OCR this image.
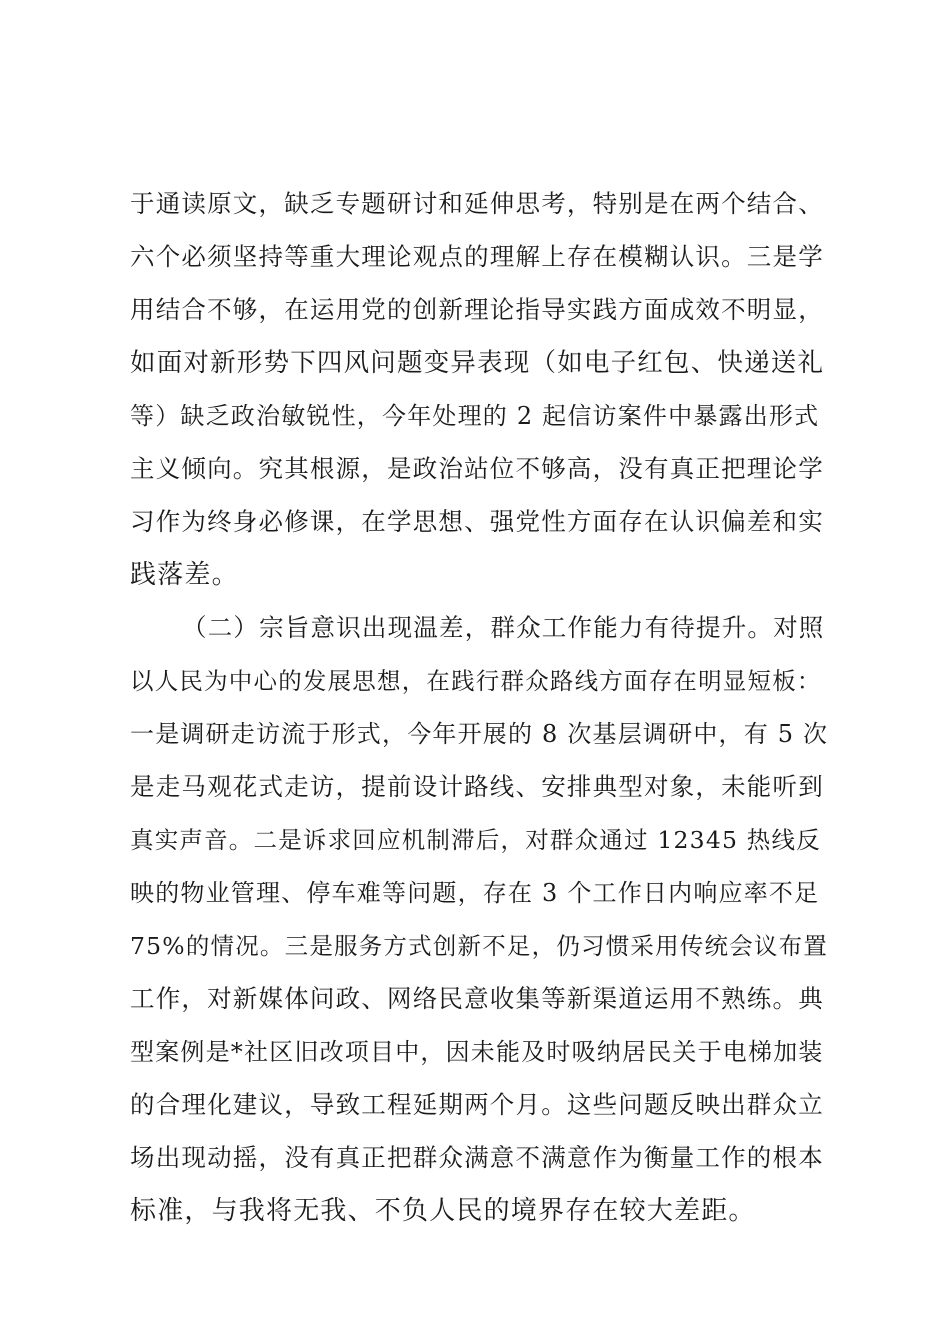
于通读原文，缺乏专题研讨和延伸思考，特别是在两个结合、
六个必须坚持等重大理论观点的理解上存在模糊认识。三是学
用结合不够，在运用党的创新理论指导实践方面成效不明显，
如面对新形势下四风问题变异表现（如电子红包、快递送礼
等）缺乏政治敏锐性，今年处理的 2 起信访案件中暴露出形式
主义倾向。究其根源，是政治站位不够高，没有真正把理论学
习作为终身必修课，在学思想、强党性方面存在认识偏差和实
践落差。
（二）宗旨意识出现温差，群众工作能力有待提升。对照
以人民为中心的发展思想，在践行群众路线方面存在明显短板：
一是调研走访流于形式，今年开展的 8 次基层调研中，有 5 次
是走马观花式走访，提前设计路线、安排典型对象，未能听到
真实声音。二是诉求回应机制滞后，对群众通过 12345 热线反
映的物业管理、停车难等问题，存在 3 个工作日内响应率不足
75%的情况。三是服务方式创新不足，仍习惯采用传统会议布置
工作，对新媒体问政、网络民意收集等新渠道运用不熟练。典
型案例是*社区旧改项目中，因未能及时吸纳居民关于电梯加装
的合理化建议，导致工程延期两个月。这些问题反映出群众立
场出现动摇，没有真正把群众满意不满意作为衡量工作的根本
标准，与我将无我、不负人民的境界存在较大差距。
